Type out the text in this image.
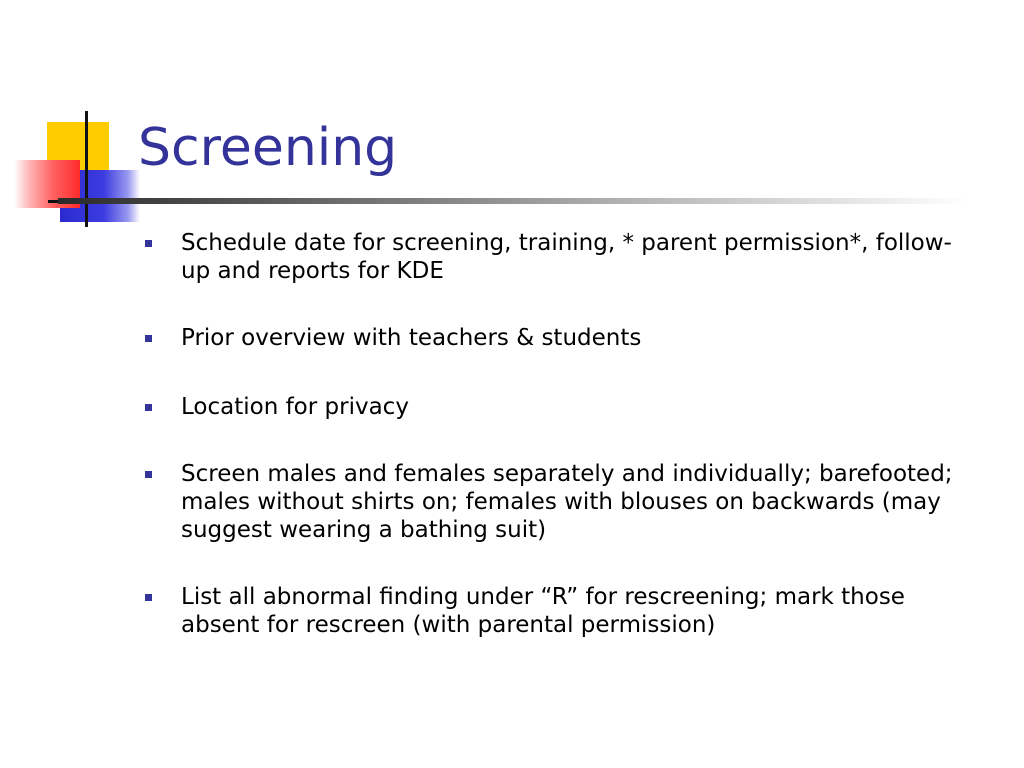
Screening
Schedule date for screening, training, * parent permission*, follow-up and reports for KDE
Prior overview with teachers & students
Location for privacy
Screen males and females separately and individually; barefooted; males without shirts on; females with blouses on backwards (may suggest wearing a bathing suit)
List all abnormal finding under “R” for rescreening; mark those absent for rescreen (with parental permission)
